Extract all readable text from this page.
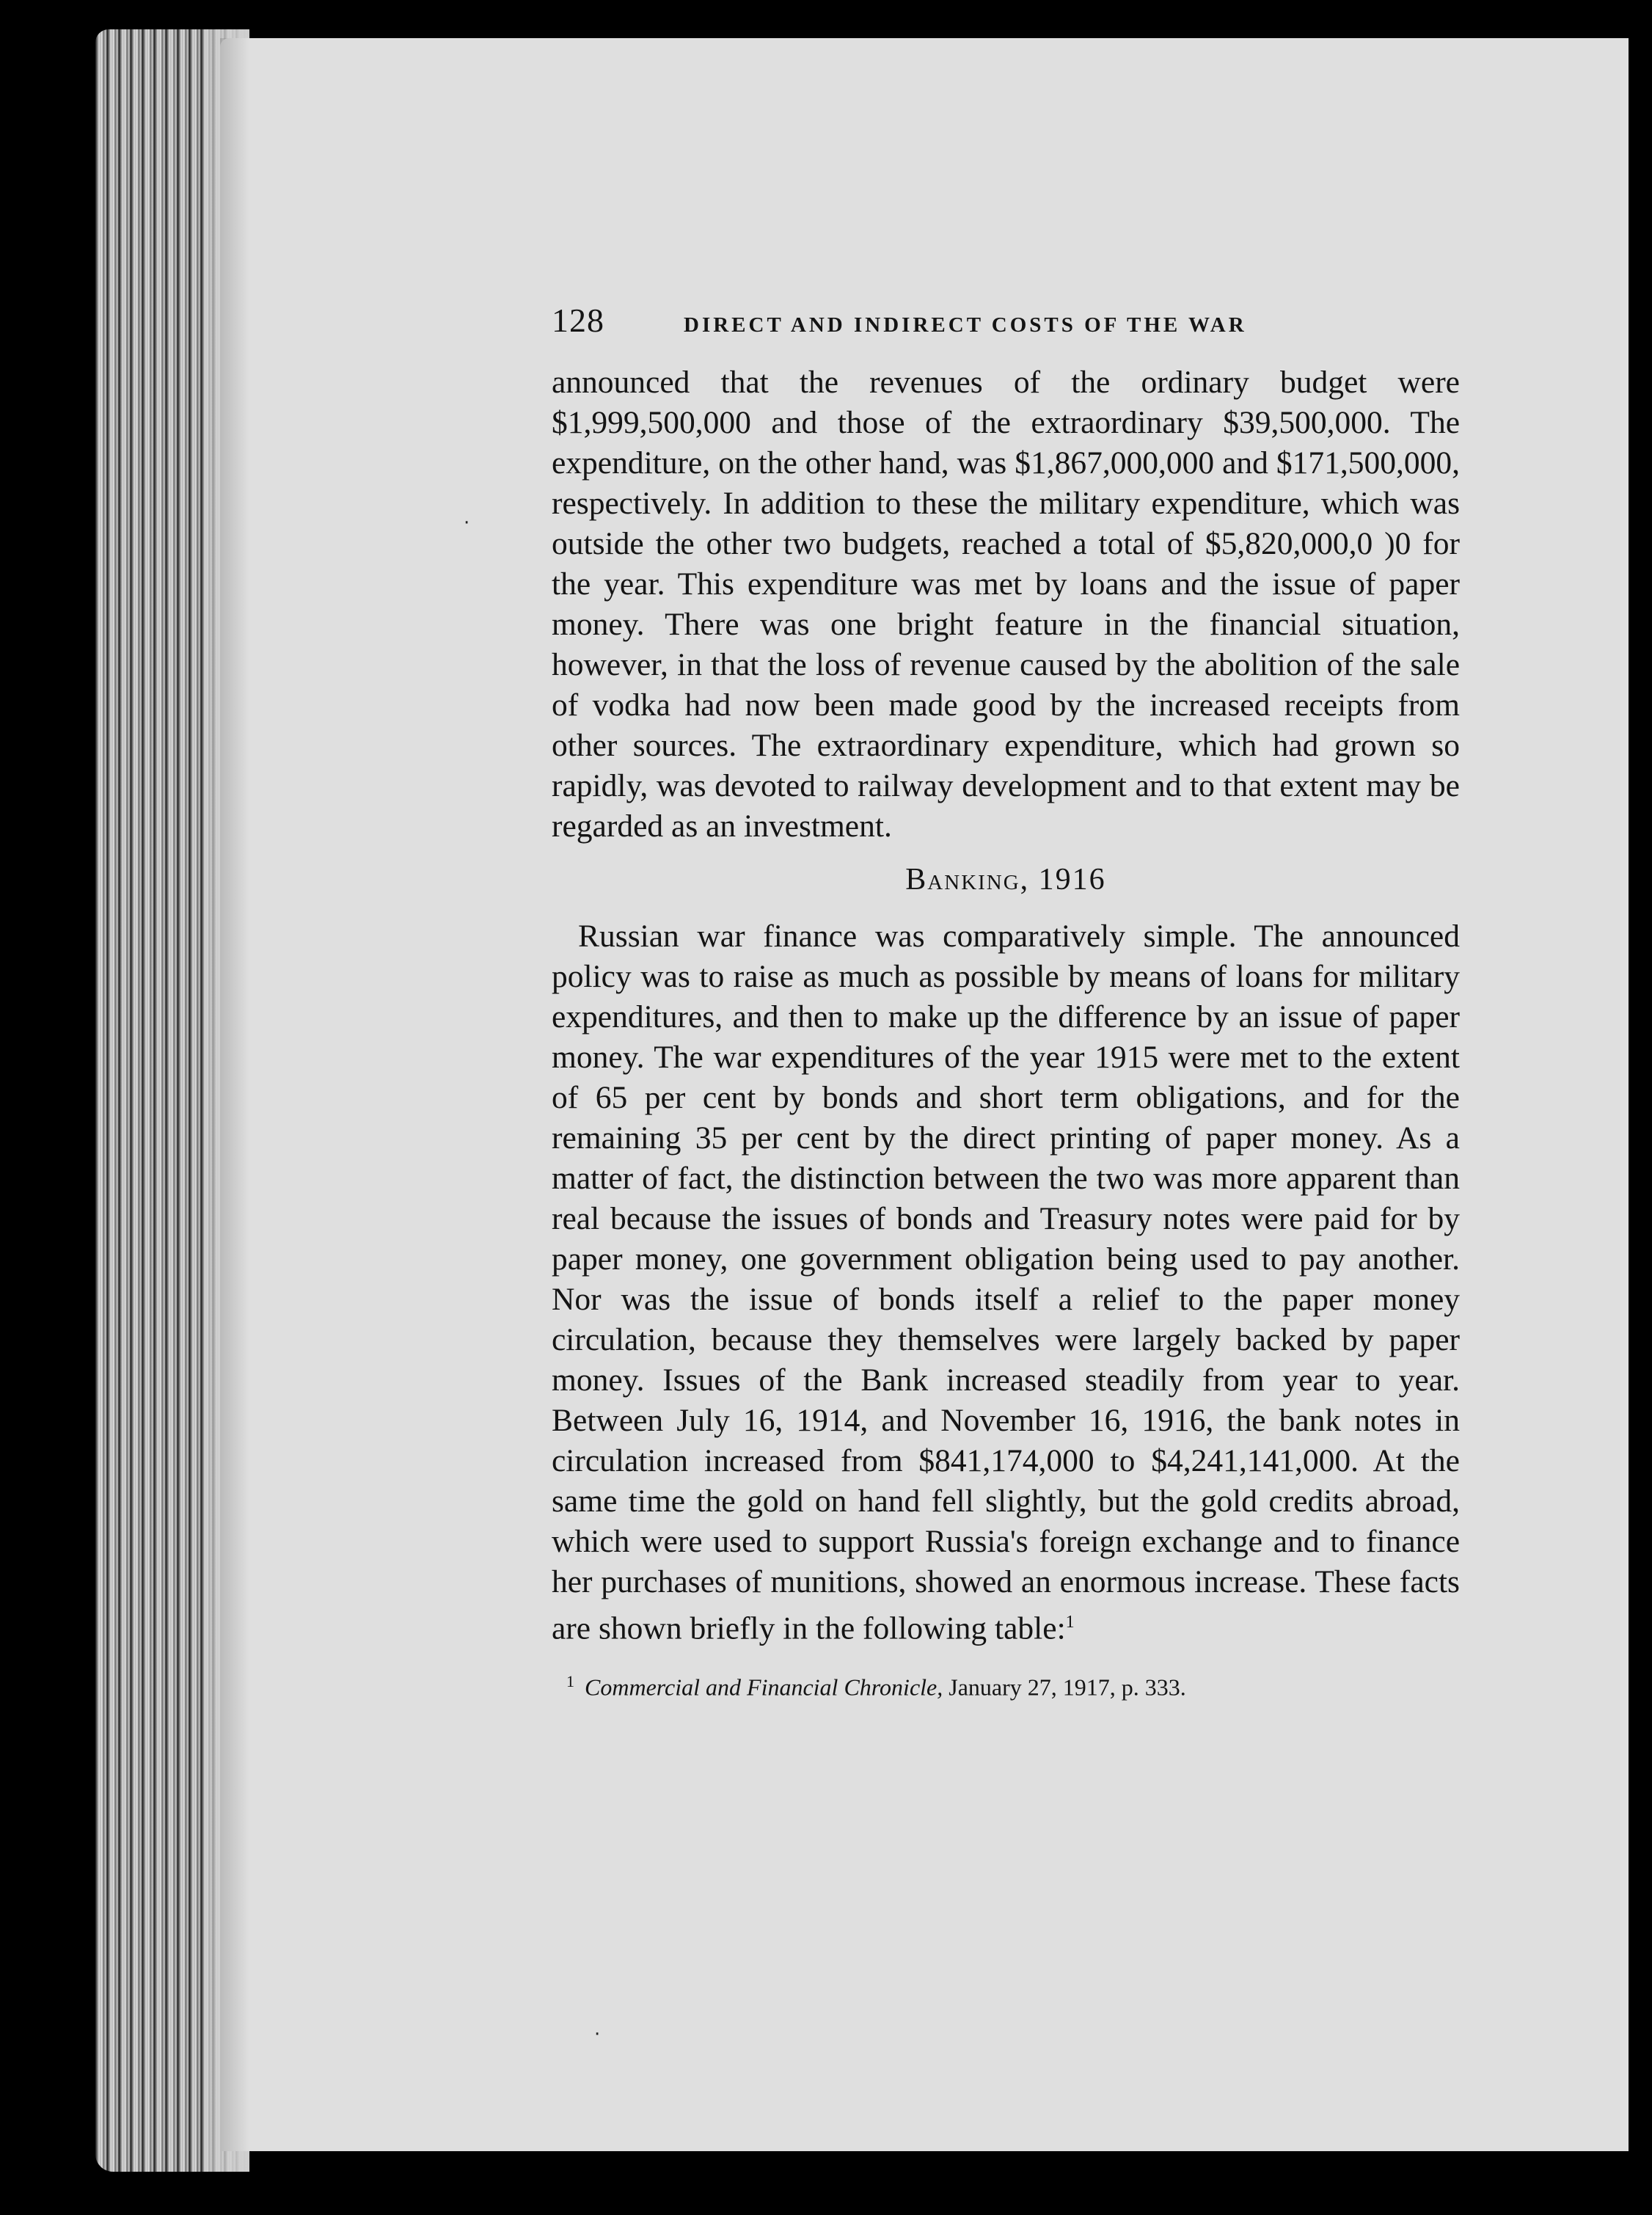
·
·
128	DIRECT AND INDIRECT COSTS OF THE WAR

announced that the revenues of the ordinary budget were $1,999,500,000 and those of the extraordinary $39,500,000. The expenditure, on the other hand, was $1,867,000,000 and $171,500,000, respectively. In addition to these the military expenditure, which was outside the other two budgets, reached a total of $5,820,000,0 )0 for the year. This expenditure was met by loans and the issue of paper money. There was one bright feature in the financial situation, however, in that the loss of revenue caused by the abolition of the sale of vodka had now been made good by the increased receipts from other sources. The extraordinary expenditure, which had grown so rapidly, was devoted to railway development and to that extent may be regarded as an investment.

Banking, 1916

Russian war finance was comparatively simple. The announced policy was to raise as much as possible by means of loans for military expenditures, and then to make up the difference by an issue of paper money. The war expenditures of the year 1915 were met to the extent of 65 per cent by bonds and short term obligations, and for the remaining 35 per cent by the direct printing of paper money. As a matter of fact, the distinction between the two was more apparent than real because the issues of bonds and Treasury notes were paid for by paper money, one government obligation being used to pay another. Nor was the issue of bonds itself a relief to the paper money circulation, because they themselves were largely backed by paper money. Issues of the Bank increased steadily from year to year. Between July 16, 1914, and November 16, 1916, the bank notes in circulation increased from $841,174,000 to $4,241,141,000. At the same time the gold on hand fell slightly, but the gold credits abroad, which were used to support Russia's foreign exchange and to finance her purchases of munitions, showed an enormous increase. These facts are shown briefly in the following table:$^1$

$^1$ Commercial and Financial Chronicle, January 27, 1917, p. 333.
